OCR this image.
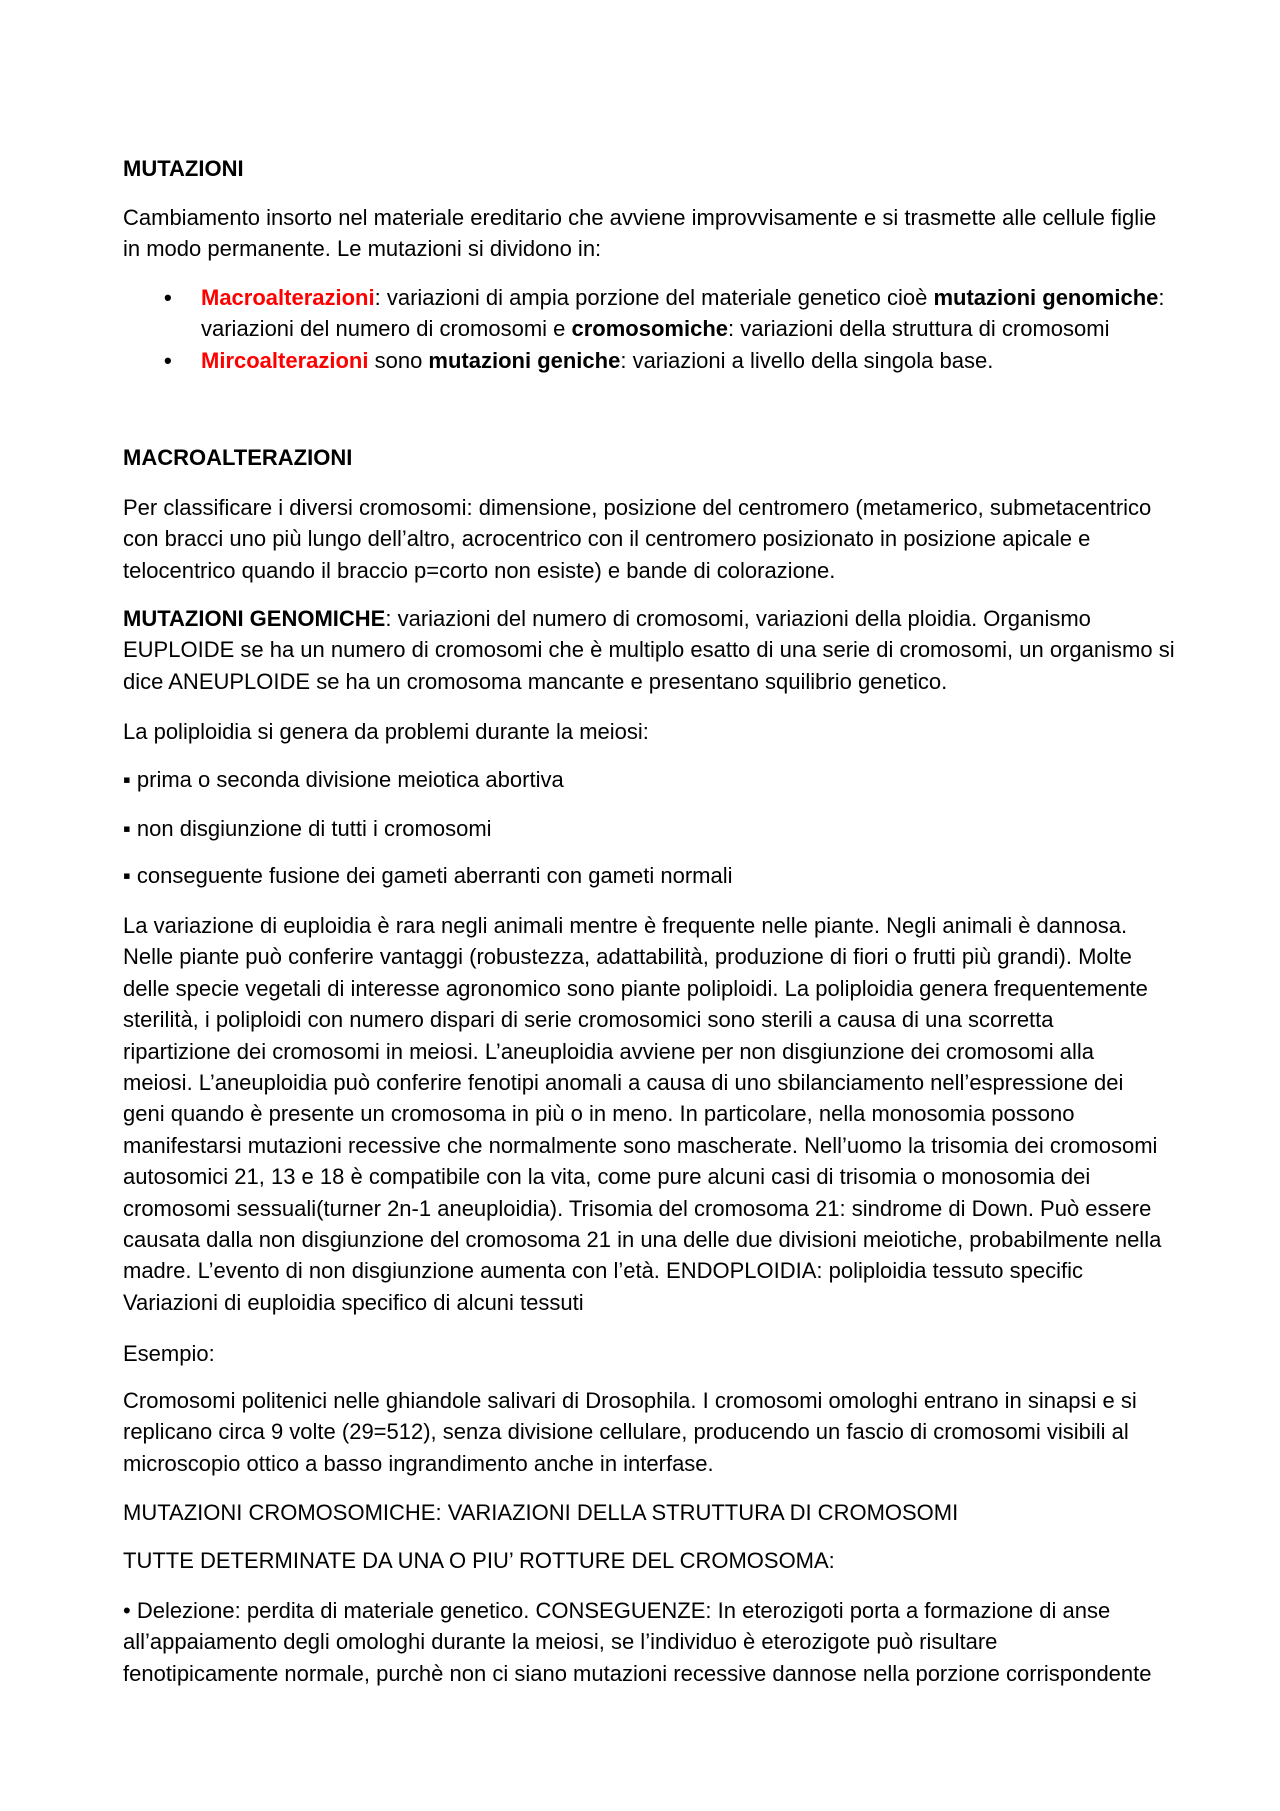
MUTAZIONI
Cambiamento insorto nel materiale ereditario che avviene improvvisamente e si trasmette alle cellule figlie
in modo permanente. Le mutazioni si dividono in:
• Macroalterazioni: variazioni di ampia porzione del materiale genetico cioè mutazioni genomiche:
variazioni del numero di cromosomi e cromosomiche: variazioni della struttura di cromosomi
• Mircoalterazioni sono mutazioni geniche: variazioni a livello della singola base.
MACROALTERAZIONI
Per classificare i diversi cromosomi: dimensione, posizione del centromero (metamerico, submetacentrico
con bracci uno più lungo dell’altro, acrocentrico con il centromero posizionato in posizione apicale e
telocentrico quando il braccio p=corto non esiste) e bande di colorazione.
MUTAZIONI GENOMICHE: variazioni del numero di cromosomi, variazioni della ploidia. Organismo
EUPLOIDE se ha un numero di cromosomi che è multiplo esatto di una serie di cromosomi, un organismo si
dice ANEUPLOIDE se ha un cromosoma mancante e presentano squilibrio genetico.
La poliploidia si genera da problemi durante la meiosi:
▪ prima o seconda divisione meiotica abortiva
▪ non disgiunzione di tutti i cromosomi
▪ conseguente fusione dei gameti aberranti con gameti normali
La variazione di euploidia è rara negli animali mentre è frequente nelle piante. Negli animali è dannosa.
Nelle piante può conferire vantaggi (robustezza, adattabilità, produzione di fiori o frutti più grandi). Molte
delle specie vegetali di interesse agronomico sono piante poliploidi. La poliploidia genera frequentemente
sterilità, i poliploidi con numero dispari di serie cromosomici sono sterili a causa di una scorretta
ripartizione dei cromosomi in meiosi. L’aneuploidia avviene per non disgiunzione dei cromosomi alla
meiosi. L’aneuploidia può conferire fenotipi anomali a causa di uno sbilanciamento nell’espressione dei
geni quando è presente un cromosoma in più o in meno. In particolare, nella monosomia possono
manifestarsi mutazioni recessive che normalmente sono mascherate. Nell’uomo la trisomia dei cromosomi
autosomici 21, 13 e 18 è compatibile con la vita, come pure alcuni casi di trisomia o monosomia dei
cromosomi sessuali(turner 2n-1 aneuploidia). Trisomia del cromosoma 21: sindrome di Down. Può essere
causata dalla non disgiunzione del cromosoma 21 in una delle due divisioni meiotiche, probabilmente nella
madre. L’evento di non disgiunzione aumenta con l’età. ENDOPLOIDIA: poliploidia tessuto specific
Variazioni di euploidia specifico di alcuni tessuti
Esempio:
Cromosomi politenici nelle ghiandole salivari di Drosophila. I cromosomi omologhi entrano in sinapsi e si
replicano circa 9 volte (29=512), senza divisione cellulare, producendo un fascio di cromosomi visibili al
microscopio ottico a basso ingrandimento anche in interfase.
MUTAZIONI CROMOSOMICHE: VARIAZIONI DELLA STRUTTURA DI CROMOSOMI
TUTTE DETERMINATE DA UNA O PIU’ ROTTURE DEL CROMOSOMA:
• Delezione: perdita di materiale genetico. CONSEGUENZE: In eterozigoti porta a formazione di anse
all’appaiamento degli omologhi durante la meiosi, se l’individuo è eterozigote può risultare
fenotipicamente normale, purchè non ci siano mutazioni recessive dannose nella porzione corrispondente
